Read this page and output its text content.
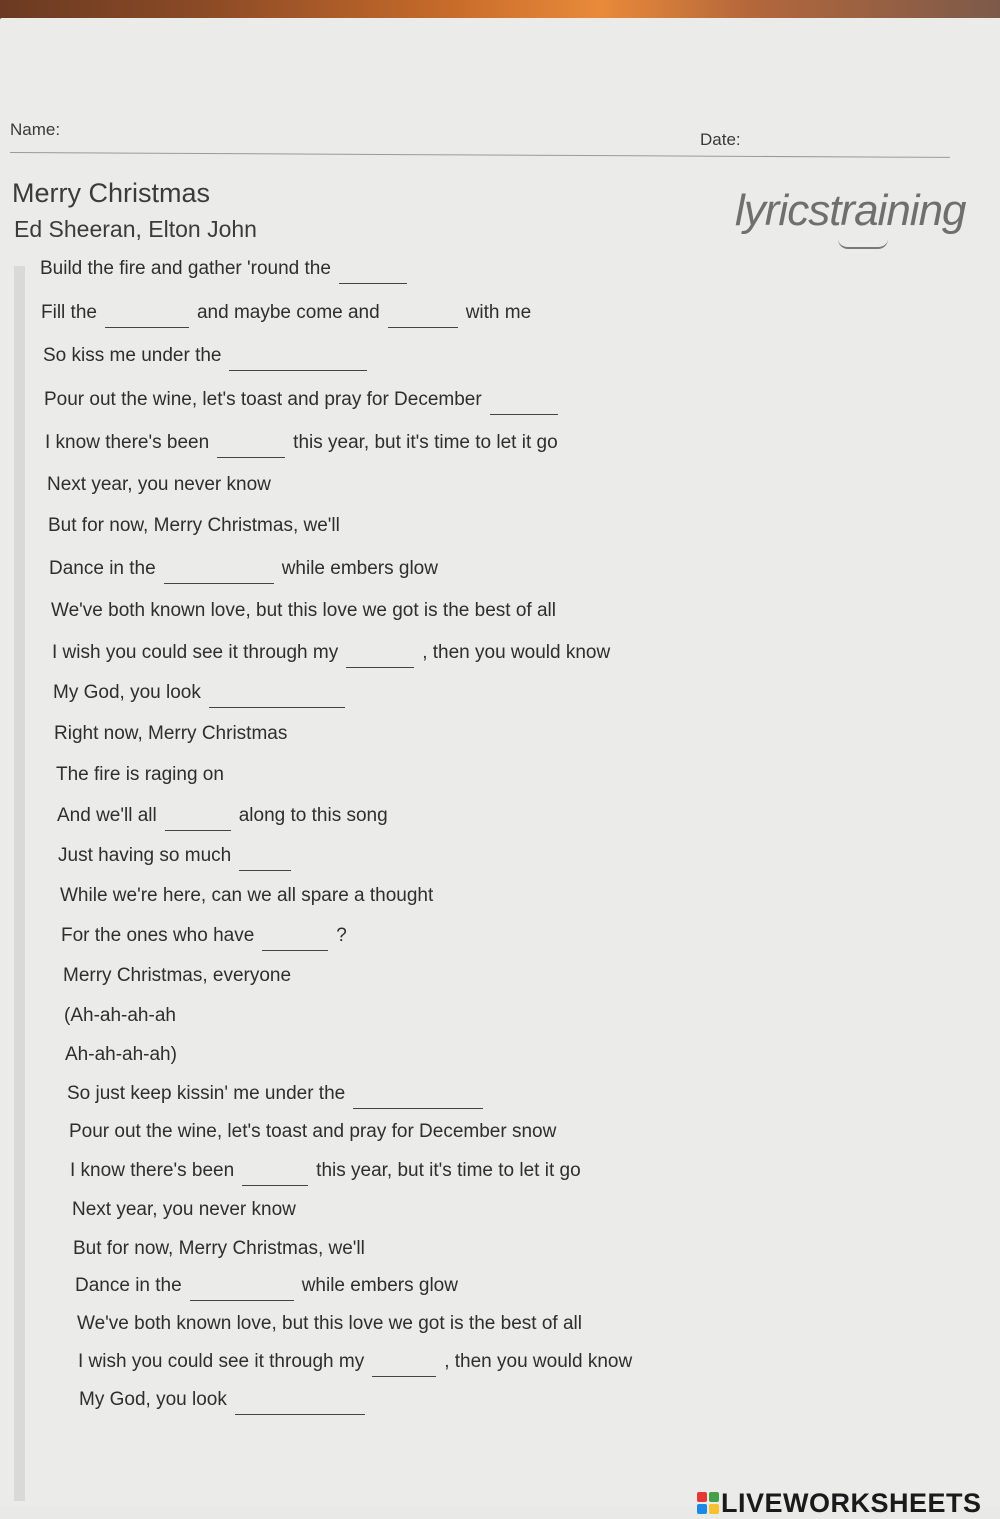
Name:
Date:
Merry Christmas
Ed Sheeran, Elton John	lyricstraining
Build the fire and gather 'round the
Fill the	and maybe come and	with me
So kiss me under the
Pour out the wine, let's toast and pray for December
I know there's been	this year, but it's time to let it go
Next year, you never know
But for now, Merry Christmas, we'll
Dance in the	while embers glow
We've both known love, but this love we got is the best of all
I wish you could see it through my	, then you would know
My God, you look
Right now, Merry Christmas
The fire is raging on
And we'll all	along to this song
Just having so much
While we're here, can we all spare a thought
For the ones who have	?
Merry Christmas, everyone
(Ah-ah-ah-ah
Ah-ah-ah-ah)
So just keep kissin' me under the
Pour out the wine, let's toast and pray for December snow
I know there's been	this year, but it's time to let it go
Next year, you never know
But for now, Merry Christmas, we'll
Dance in the	while embers glow
We've both known love, but this love we got is the best of all
I wish you could see it through my	, then you would know
My God, you look
LIVEWORKSHEETS
